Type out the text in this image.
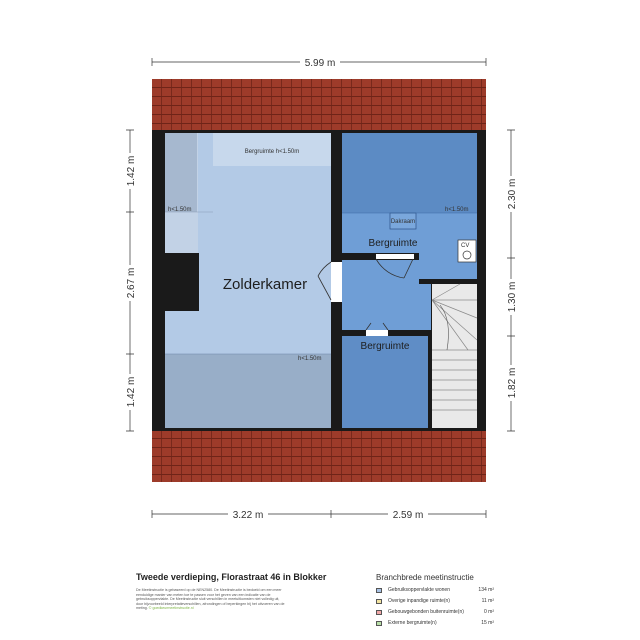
Dakraam
CV
Zolderkamer
Bergruimte
Bergruimte
Bergruimte h<1.50m
h<1.50m	h<1.50m
h<1.50m
5.99 m
3.22 m	2.59 m
1.42 m
2.67 m
1.42 m
2.30 m
1.30 m
1.82 m
Tweede verdieping, Florastraat 46 in Blokker
De Meetinstructie is gebaseerd op de NEN2580. De Meetinstructie is bedoeld om een meer eenduidige manier van meten toe te passen voor het geven van een indicatie van de gebruiksoppervlakte. De Meetinstructie sluit verschillen in meetuitkomsten niet volledig uit, door bijvoorbeeld interpretatieverschillen, afrondingen of beperkingen bij het uitvoeren van de meting. © goedkeurmeetinstructie.nl
Branchbrede meetinstructie
Gebruiksoppervlakte wonen	134 m²
Overige inpandige ruimte(n)	11 m²
Gebouwgebonden buitenruimte(n)	0 m²
Externe bergruimte(n)	15 m²
